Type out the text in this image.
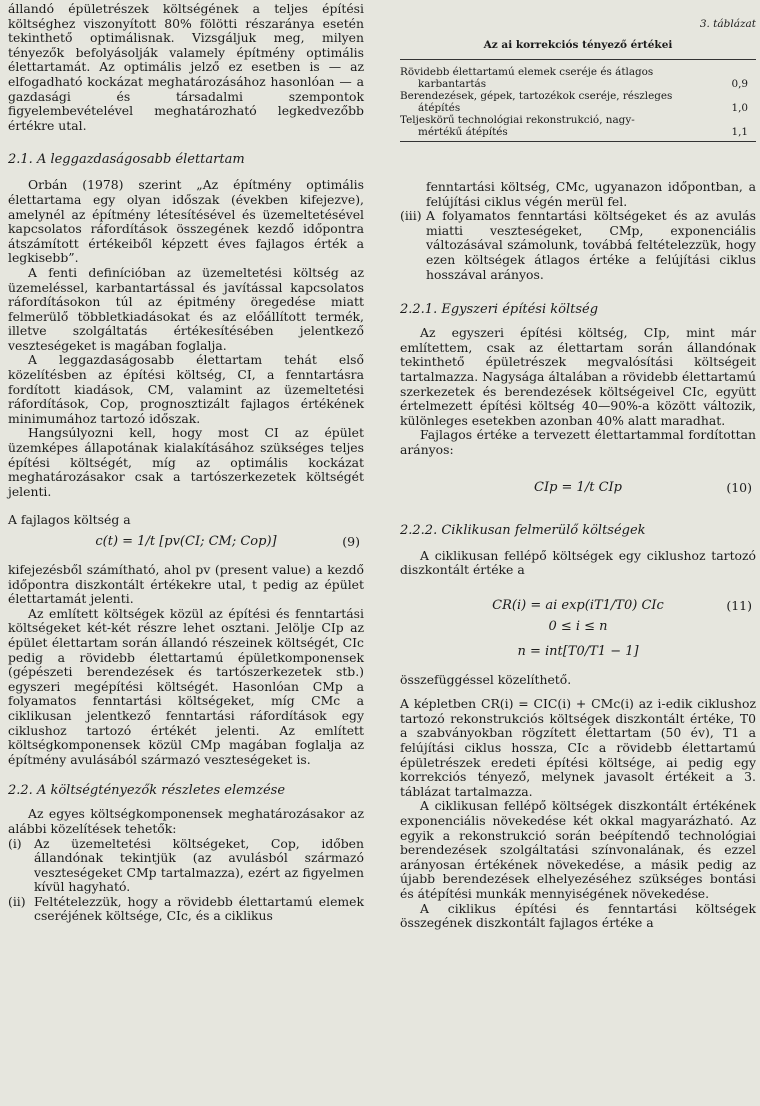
állandó épületrészek költségének a teljes építési költséghez viszonyított 80% fölötti részaránya esetén tekinthető optimálisnak. Vizsgáljuk meg, milyen tényezők befolyásolják valamely építmény optimális élettartamát. Az optimális jelző ez esetben is — az elfogadható kockázat meghatározásához hasonlóan — a gazdasági és társadalmi szempontok figyelembevételével meghatározható legkedvezőbb értékre utal.

2.1. A leggazdaságosabb élettartam

Orbán (1978) szerint „Az építmény optimális élettartama egy olyan időszak (években kifejezve), amelynél az építmény létesítésével és üzemeltetésével kapcsolatos ráfordítások összegének kezdő időpontra átszámított értékeiből képzett éves fajlagos érték a legkisebb”.

A fenti definícióban az üzemeltetési költség az üzemeléssel, karbantartással és javítással kapcsolatos ráfordításokon túl az épitmény öregedése miatt felmerülő többletkiadásokat és az előállított termék, illetve szolgáltatás értékesítésében jelentkező veszteségeket is magában foglalja.

A leggazdaságosabb élettartam tehát első közelítésben az építési költség, CI, a fenntartásra fordított kiadások, CM, valamint az üzemeltetési ráfordítások, Cop, prognosztizált fajlagos értékének minimumához tartozó időszak.

Hangsúlyozni kell, hogy most CI az épület üzemképes állapotának kialakításához szükséges teljes építési költségét, míg az optimális kockázat meghatározásakor csak a tartószerkezetek költségét jelenti.

A fajlagos költség a

c(t) = 1/t [pv(CI; CM; Cop)]	(9)

kifejezésből számítható, ahol pv (present value) a kezdő időpontra diszkontált értékekre utal, t pedig az épület élettartamát jelenti.

Az említett költségek közül az építési és fenntartási költségeket két-két részre lehet osztani. Jelölje CIp az épület élettartam során állandó részeinek költségét, CIc pedig a rövidebb élettartamú épületkomponensek (gépészeti berendezések és tartószerkezetek stb.) egyszeri megépítési költségét. Hasonlóan CMp a folyamatos fenntartási költségeket, míg CMc a ciklikusan jelentkező fenntartási ráfordítások egy ciklushoz tartozó értékét jelenti. Az említett költségkomponensek közül CMp magában foglalja az építmény avulásából származó veszteségeket is.

2.2. A költségtényezők részletes elemzése

Az egyes költségkomponensek meghatározásakor az alábbi közelítések tehetők:

(i) Az üzemeltetési költségeket, Cop, időben állandónak tekintjük (az avulásból származó veszteségeket CMp tartalmazza), ezért az figyelmen kívül hagyható.
(ii) Feltételezzük, hogy a rövidebb élettartamú elemek cseréjének költsége, CIc, és a ciklikus
3. táblázat
Az ai korrekciós tényező értékei
Rövidebb élettartamú elemek cseréje és átlagos	
karbantartás	0,9
Berendezések, gépek, tartozékok cseréje, részleges	
átépítés	1,0
Teljeskörű technológiai rekonstrukció, nagy-	
mértékű átépítés	1,1

fenntartási költség, CMc, ugyanazon időpontban, a felújítási ciklus végén merül fel.

(iii) A folyamatos fenntartási költségeket és az avulás miatti veszteségeket, CMp, exponenciális változásával számolunk, továbbá feltételezzük, hogy ezen költségek átlagos értéke a felújítási ciklus hosszával arányos.

2.2.1. Egyszeri építési költség

Az egyszeri építési költség, CIp, mint már említettem, csak az élettartam során állandónak tekinthető épületrészek megvalósítási költségeit tartalmazza. Nagysága általában a rövidebb élettartamú szerkezetek és berendezések költségeivel CIc, együtt értelmezett építési költség 40—90%-a között változik, különleges esetekben azonban 40% alatt maradhat.

Fajlagos értéke a tervezett élettartammal fordítottan arányos:

CIp = 1/t CIp	(10)

2.2.2. Ciklikusan felmerülő költségek

A ciklikusan fellépő költségek egy ciklushoz tartozó diszkontált értéke a

CR(i) = ai exp(iT1/T0) CIc	(11)

0 ≤ i ≤ n

n = int[T0/T1 − 1]

összefüggéssel közelíthető.

A képletben CR(i) = CIC(i) + CMc(i) az i-edik ciklushoz tartozó rekonstrukciós költségek diszkontált értéke, T0 a szabványokban rögzített élettartam (50 év), T1 a felújítási ciklus hossza, CIc a rövidebb élettartamú épületrészek eredeti építési költsége, ai pedig egy korrekciós tényező, melynek javasolt értékeit a 3. táblázat tartalmazza.

A ciklikusan fellépő költségek diszkontált értékének exponenciális növekedése két okkal magyarázható. Az egyik a rekonstrukció során beépítendő technológiai berendezések szolgáltatási színvonalának, és ezzel arányosan értékének növekedése, a másik pedig az újabb berendezések elhelyezéséhez szükséges bontási és átépítési munkák mennyiségének növekedése.

A ciklikus építési és fenntartási költségek összegének diszkontált fajlagos értéke a
